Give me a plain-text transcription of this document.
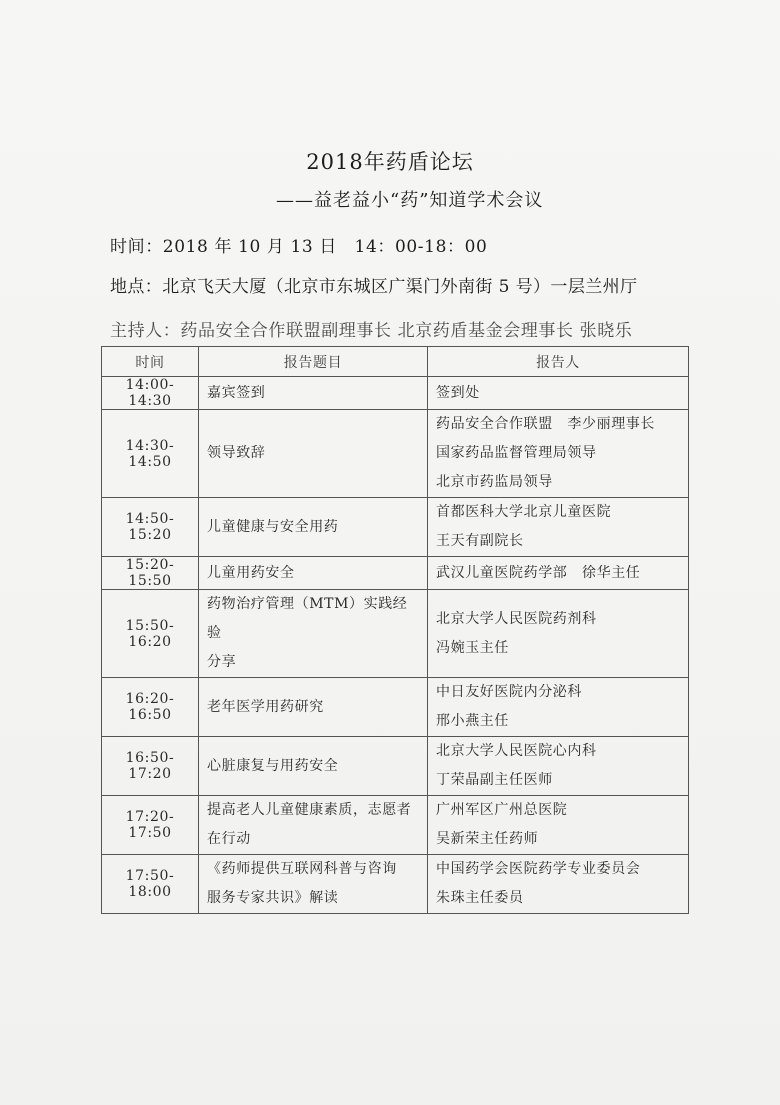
2018年药盾论坛
——益老益小“药”知道学术会议
时间：2018 年 10 月 13 日　14：00-18：00
地点：北京飞天大厦（北京市东城区广渠门外南街 5 号）一层兰州厅
主持人：药品安全合作联盟副理事长 北京药盾基金会理事长 张晓乐
时间	报告题目	报告人
14:00-14:30	嘉宾签到	签到处

14:30-14:50	领导致辞	药品安全合作联盟　李少丽理事长
国家药品监督管理局领导
北京市药监局领导

14:50-15:20	儿童健康与安全用药	首都医科大学北京儿童医院
王天有副院长

15:20-15:50	儿童用药安全	武汉儿童医院药学部　徐华主任

15:50-16:20	药物治疗管理（MTM）实践经验
分享	北京大学人民医院药剂科
冯婉玉主任

16:20-16:50	老年医学用药研究	中日友好医院内分泌科
邢小燕主任

16:50-17:20	心脏康复与用药安全	北京大学人民医院心内科
丁荣晶副主任医师

17:20-17:50	提高老人儿童健康素质，志愿者
在行动	广州军区广州总医院
吴新荣主任药师

17:50-18:00	《药师提供互联网科普与咨询
服务专家共识》解读	中国药学会医院药学专业委员会
朱珠主任委员
